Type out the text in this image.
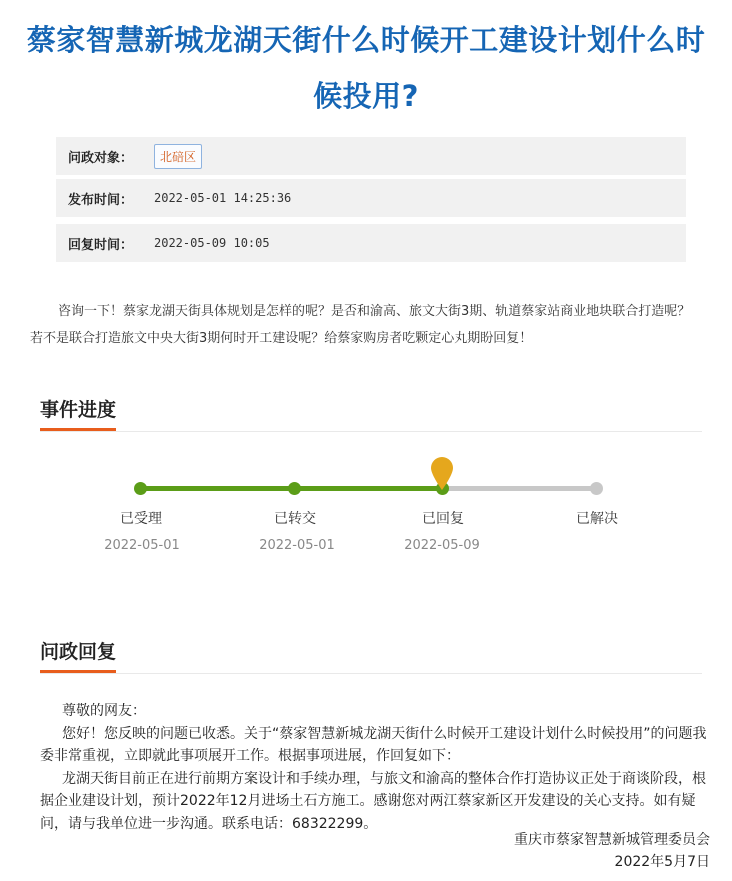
蔡家智慧新城龙湖天街什么时候开工建设计划什么时候投用?
问政对象：	北碚区
发布时间：	2022-05-01 14:25:36
回复时间：	2022-05-09 10:05
咨询一下！蔡家龙湖天街具体规划是怎样的呢？是否和渝高、旅文大街3期、轨道蔡家站商业地块联合打造呢？若不是联合打造旅文中央大街3期何时开工建设呢？给蔡家购房者吃颗定心丸期盼回复！
事件进度
已受理	已转交	已回复	已解决
2022-05-01	2022-05-01	2022-05-09
问政回复

尊敬的网友：

您好！您反映的问题已收悉。关于“蔡家智慧新城龙湖天街什么时候开工建设计划什么时候投用”的问题我委非常重视，立即就此事项展开工作。根据事项进展，作回复如下：

龙湖天街目前正在进行前期方案设计和手续办理，与旅文和渝高的整体合作打造协议正处于商谈阶段，根据企业建设计划，预计2022年12月进场土石方施工。感谢您对两江蔡家新区开发建设的关心支持。如有疑问，请与我单位进一步沟通。联系电话：68322299。

重庆市蔡家智慧新城管理委员会
2022年5月7日
